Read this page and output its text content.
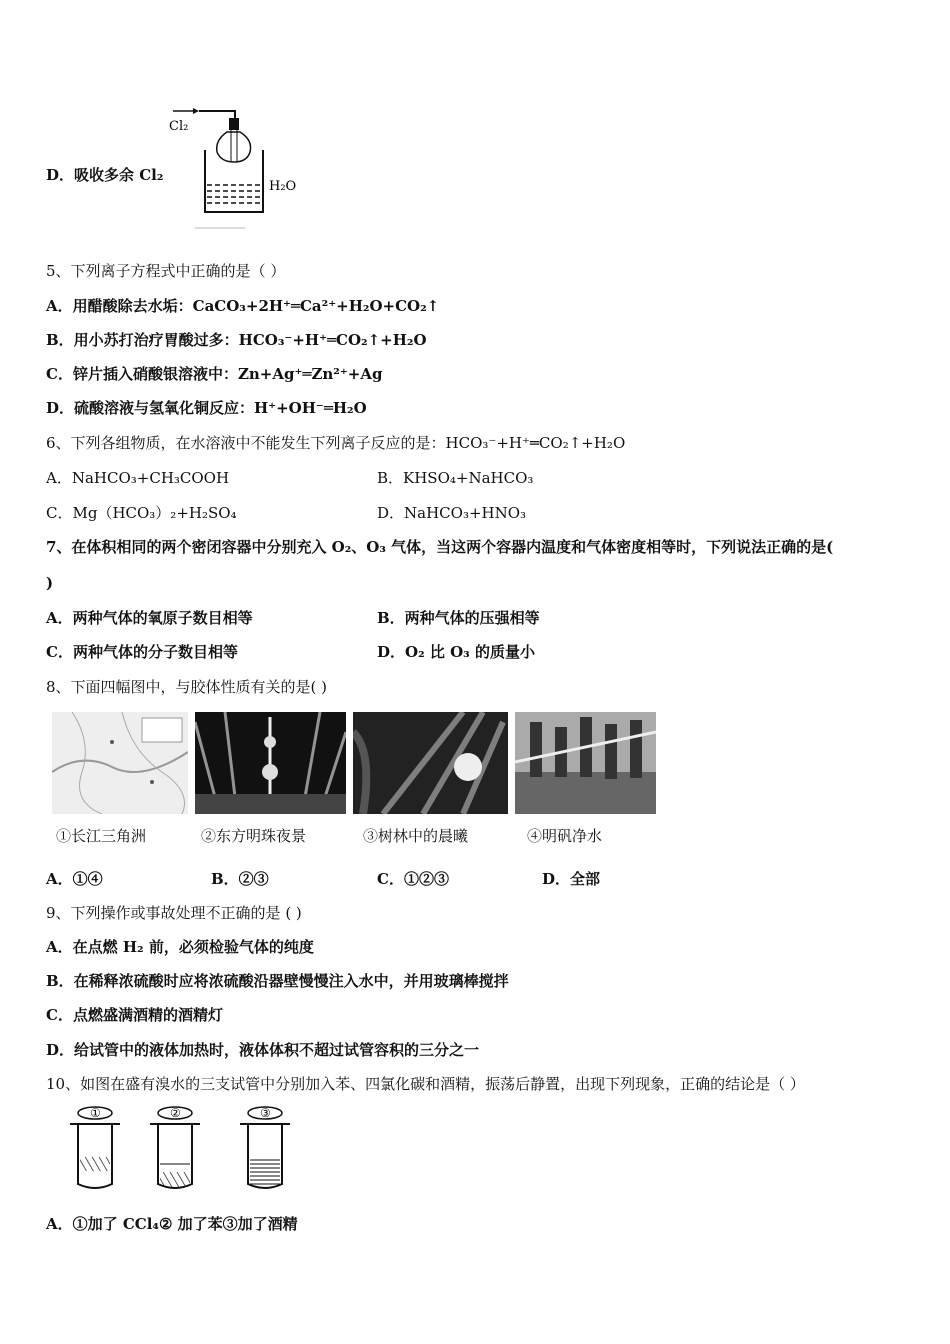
D．吸收多余 Cl₂
Cl₂
H₂O
5、下列离子方程式中正确的是（ ）
A．用醋酸除去水垢：CaCO₃+2H⁺═Ca²⁺+H₂O+CO₂↑
B．用小苏打治疗胃酸过多：HCO₃⁻+H⁺═CO₂↑+H₂O
C．锌片插入硝酸银溶液中：Zn+Ag⁺═Zn²⁺+Ag
D．硫酸溶液与氢氧化铜反应：H⁺+OH⁻═H₂O
6、下列各组物质，在水溶液中不能发生下列离子反应的是：HCO₃⁻+H⁺═CO₂↑+H₂O
A．NaHCO₃+CH₃COOH	B．KHSO₄+NaHCO₃
C．Mg（HCO₃）₂+H₂SO₄	D．NaHCO₃+HNO₃
7、在体积相同的两个密闭容器中分别充入 O₂、O₃ 气体，当这两个容器内温度和气体密度相等时，下列说法正确的是(
)
A．两种气体的氧原子数目相等	B．两种气体的压强相等
C．两种气体的分子数目相等	D．O₂ 比 O₃ 的质量小
8、下面四幅图中，与胶体性质有关的是( )
①长江三角洲	②东方明珠夜景	③树林中的晨曦	④明矾净水
A．①④	B．②③	C．①②③	D．全部
9、下列操作或事故处理不正确的是 ( )
A．在点燃 H₂ 前，必须检验气体的纯度
B．在稀释浓硫酸时应将浓硫酸沿器壁慢慢注入水中，并用玻璃棒搅拌
C．点燃盛满酒精的酒精灯
D．给试管中的液体加热时，液体体积不超过试管容积的三分之一
10、如图在盛有溴水的三支试管中分别加入苯、四氯化碳和酒精，振荡后静置，出现下列现象，正确的结论是（ ）
①	②	③
A．①加了 CCl₄② 加了苯③加了酒精
